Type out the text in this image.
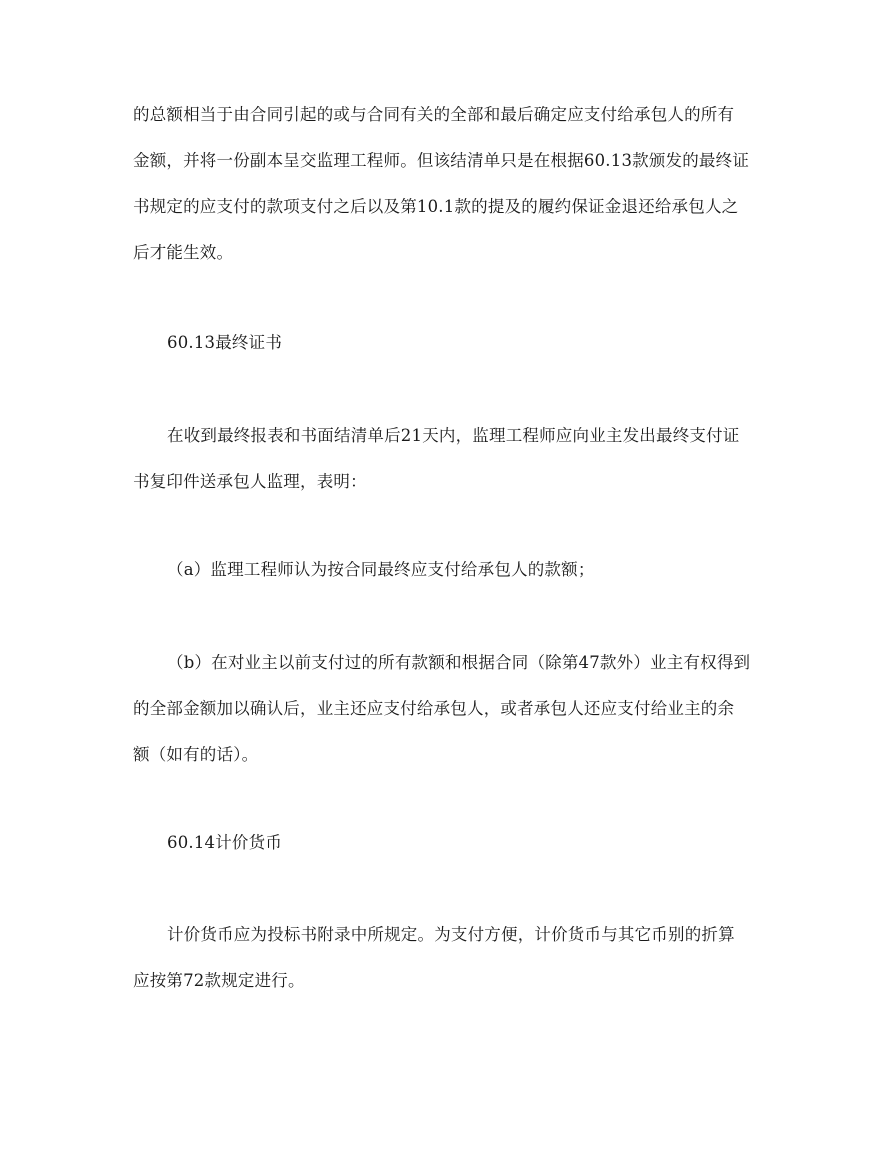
的总额相当于由合同引起的或与合同有关的全部和最后确定应支付给承包人的所有
金额，并将一份副本呈交监理工程师。但该结清单只是在根据60.13款颁发的最终证
书规定的应支付的款项支付之后以及第10.1款的提及的履约保证金退还给承包人之
后才能生效。
60.13最终证书
在收到最终报表和书面结清单后21天内，监理工程师应向业主发出最终支付证
书复印件送承包人监理，表明：
（a）监理工程师认为按合同最终应支付给承包人的款额；
（b）在对业主以前支付过的所有款额和根据合同（除第47款外）业主有权得到
的全部金额加以确认后，业主还应支付给承包人，或者承包人还应支付给业主的余
额（如有的话）。
60.14计价货币
计价货币应为投标书附录中所规定。为支付方便，计价货币与其它币别的折算
应按第72款规定进行。
